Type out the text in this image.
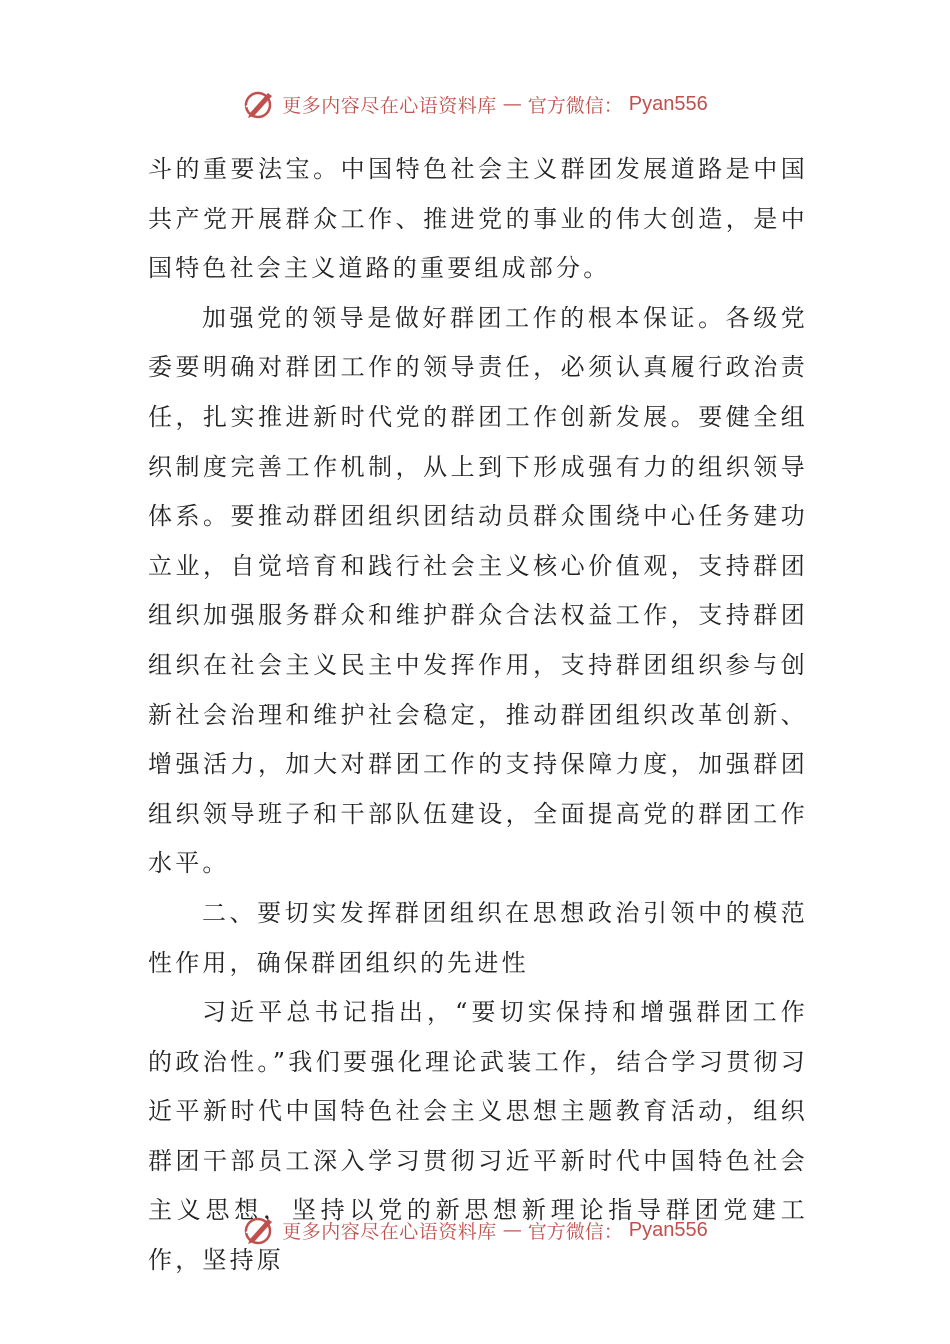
更多内容尽在心语资料库 — 官方微信： Pyan556

斗的重要法宝。中国特色社会主义群团发展道路是中国共产党开展群众工作、推进党的事业的伟大创造，是中国特色社会主义道路的重要组成部分。

加强党的领导是做好群团工作的根本保证。各级党委要明确对群团工作的领导责任，必须认真履行政治责任，扎实推进新时代党的群团工作创新发展。要健全组织制度完善工作机制，从上到下形成强有力的组织领导体系。要推动群团组织团结动员群众围绕中心任务建功立业，自觉培育和践行社会主义核心价值观，支持群团组织加强服务群众和维护群众合法权益工作，支持群团组织在社会主义民主中发挥作用，支持群团组织参与创新社会治理和维护社会稳定，推动群团组织改革创新、增强活力，加大对群团工作的支持保障力度，加强群团组织领导班子和干部队伍建设，全面提高党的群团工作水平。

二、要切实发挥群团组织在思想政治引领中的模范性作用，确保群团组织的先进性

习近平总书记指出，“要切实保持和增强群团工作的政治性。”我们要强化理论武装工作，结合学习贯彻习近平新时代中国特色社会主义思想主题教育活动，组织群团干部员工深入学习贯彻习近平新时代中国特色社会主义思想，坚持以党的新思想新理论指导群团党建工作，坚持原

更多内容尽在心语资料库 — 官方微信： Pyan556
